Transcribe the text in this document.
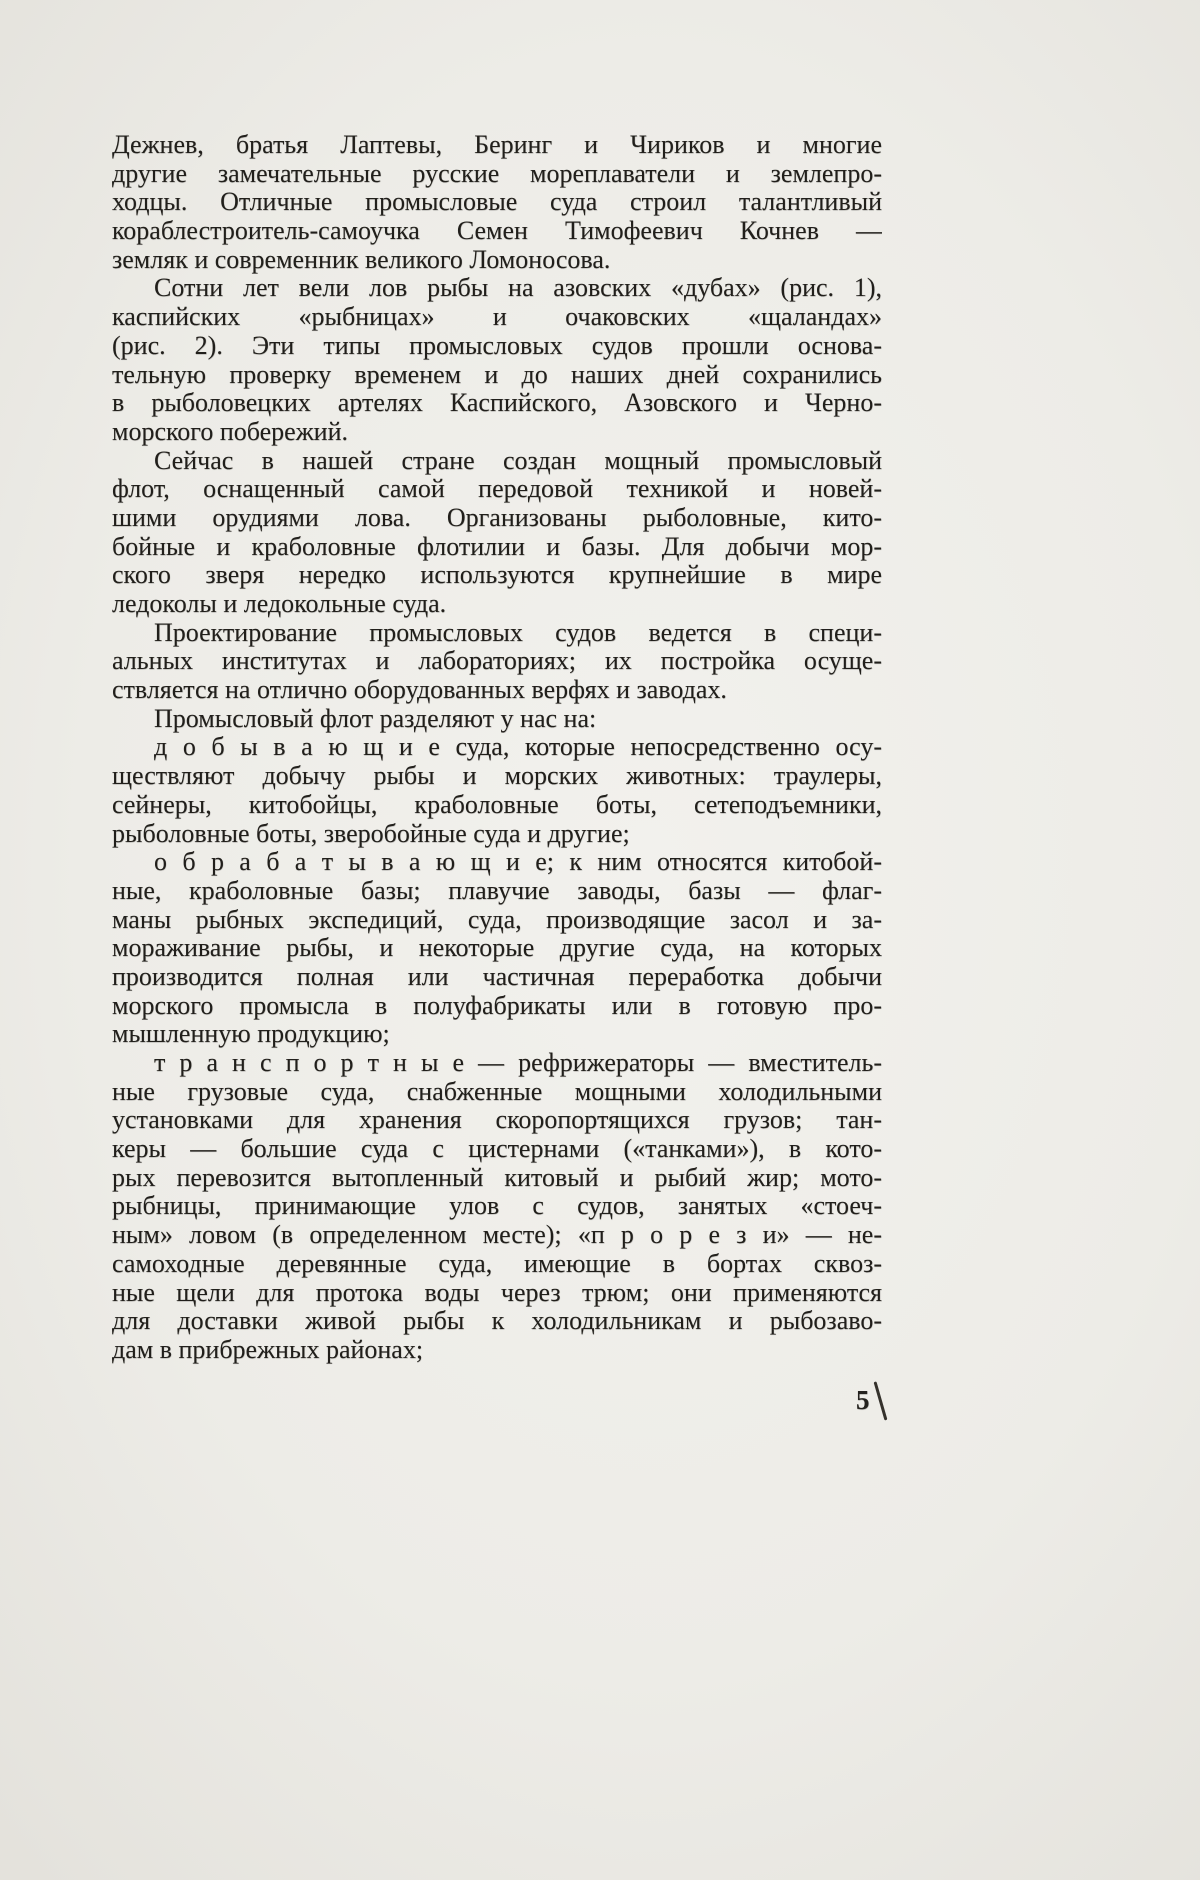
Дежнев, братья Лаптевы, Беринг и Чириков и многие
другие замечательные русские мореплаватели и землепро-
ходцы. Отличные промысловые суда строил талантливый
кораблестроитель-самоучка Семен Тимофеевич Кочнев —
земляк и современник великого Ломоносова.
Сотни лет вели лов рыбы на азовских «дубах» (рис. 1),
каспийских «рыбницах» и очаковских «щаландах»
(рис. 2). Эти типы промысловых судов прошли основа-
тельную проверку временем и до наших дней сохранились
в рыболовецких артелях Каспийского, Азовского и Черно-
морского побережий.
Сейчас в нашей стране создан мощный промысловый
флот, оснащенный самой передовой техникой и новей-
шими орудиями лова. Организованы рыболовные, кито-
бойные и краболовные флотилии и базы. Для добычи мор-
ского зверя нередко используются крупнейшие в мире
ледоколы и ледокольные суда.
Проектирование промысловых судов ведется в специ-
альных институтах и лабораториях; их постройка осуще-
ствляется на отлично оборудованных верфях и заводах.
Промысловый флот разделяют у нас на:
д о б ы в а ю щ и е суда, которые непосредственно осу-
ществляют добычу рыбы и морских животных: траулеры,
сейнеры, китобойцы, краболовные боты, сетеподъемники,
рыболовные боты, зверобойные суда и другие;
о б р а б а т ы в а ю щ и е; к ним относятся китобой-
ные, краболовные базы; плавучие заводы, базы — флаг-
маны рыбных экспедиций, суда, производящие засол и за-
мораживание рыбы, и некоторые другие суда, на которых
производится полная или частичная переработка добычи
морского промысла в полуфабрикаты или в готовую про-
мышленную продукцию;
т р а н с п о р т н ы е — рефрижераторы — вместитель-
ные грузовые суда, снабженные мощными холодильными
установками для хранения скоропортящихся грузов; тан-
керы — большие суда с цистернами («танками»), в кото-
рых перевозится вытопленный китовый и рыбий жир; мото-
рыбницы, принимающие улов с судов, занятых «стоеч-
ным» ловом (в определенном месте); «п р о р е з и» — не-
самоходные деревянные суда, имеющие в бортах сквоз-
ные щели для протока воды через трюм; они применяются
для доставки живой рыбы к холодильникам и рыбозаво-
дам в прибрежных районах;
5
